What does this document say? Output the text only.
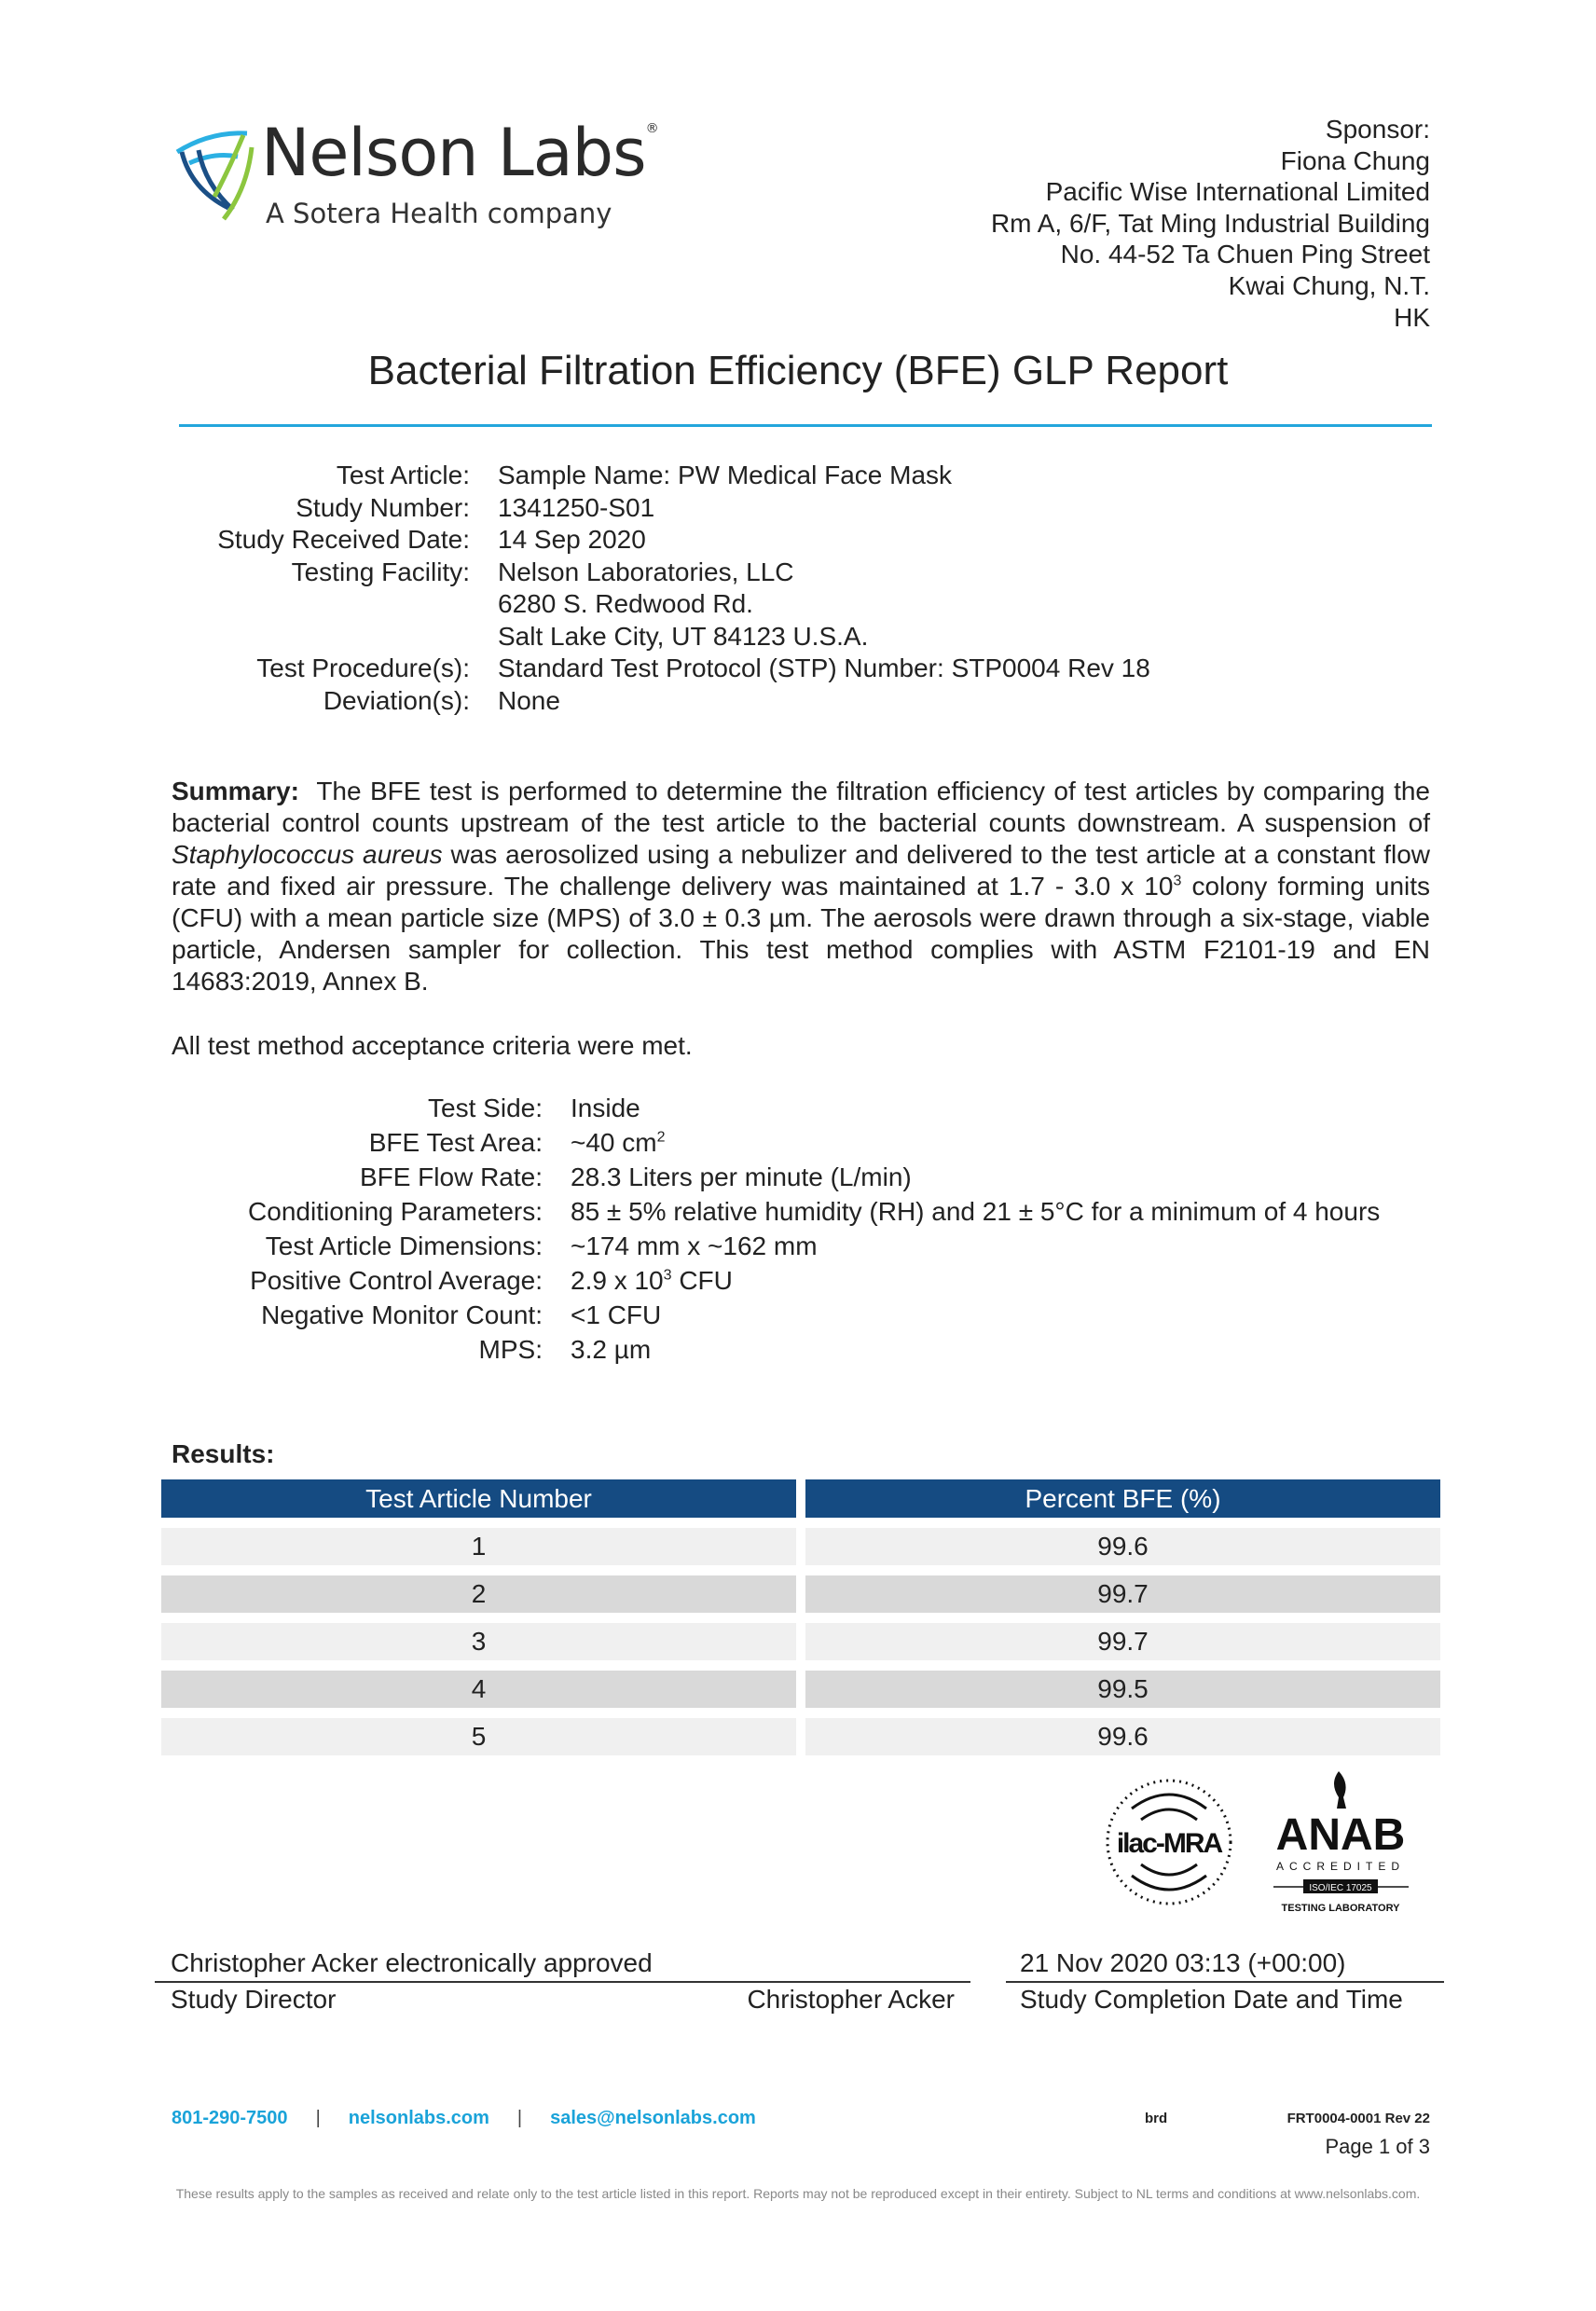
Nelson Labs®
A Sotera Health company
Sponsor:
Fiona Chung
Pacific Wise International Limited
Rm A, 6/F, Tat Ming Industrial Building
No. 44-52 Ta Chuen Ping Street
Kwai Chung, N.T.
HK
Bacterial Filtration Efficiency (BFE) GLP Report
Test Article:	Sample Name: PW Medical Face Mask
Study Number:	1341250-S01
Study Received Date:	14 Sep 2020
Testing Facility:	Nelson Laboratories, LLC
6280 S. Redwood Rd.
Salt Lake City, UT 84123 U.S.A.
Test Procedure(s):	Standard Test Protocol (STP) Number: STP0004 Rev 18
Deviation(s):	None
Summary: The BFE test is performed to determine the filtration efficiency of test articles by comparing the bacterial control counts upstream of the test article to the bacterial counts downstream. A suspension of Staphylococcus aureus was aerosolized using a nebulizer and delivered to the test article at a constant flow rate and fixed air pressure. The challenge delivery was maintained at 1.7 - 3.0 x $10^3$ colony forming units (CFU) with a mean particle size (MPS) of 3.0 ± 0.3 µm. The aerosols were drawn through a six-stage, viable particle, Andersen sampler for collection. This test method complies with ASTM F2101-19 and EN 14683:2019, Annex B.
All test method acceptance criteria were met.
Test Side:	Inside
BFE Test Area:	~40 $cm^2$
BFE Flow Rate:	28.3 Liters per minute (L/min)
Conditioning Parameters:	85 ± 5% relative humidity (RH) and 21 ± 5°C for a minimum of 4 hours
Test Article Dimensions:	~174 mm x ~162 mm
Positive Control Average:	2.9 x $10^3$ CFU
Negative Monitor Count:	<1 CFU
MPS:	3.2 µm
Results:
Test Article Number	Percent BFE (%)
1	99.6
2	99.7
3	99.7
4	99.5
5	99.6
ilac-MRA ANAB
ACCREDITED
ISO/IEC 17025
TESTING LABORATORY
Christopher Acker electronically approved
Study Director	Christopher Acker
21 Nov 2020 03:13 (+00:00)
Study Completion Date and Time
801-290-7500 | nelsonlabs.com | sales@nelsonlabs.com	brd	FRT0004-0001 Rev 22
Page 1 of 3
These results apply to the samples as received and relate only to the test article listed in this report. Reports may not be reproduced except in their entirety. Subject to NL terms and conditions at www.nelsonlabs.com.
